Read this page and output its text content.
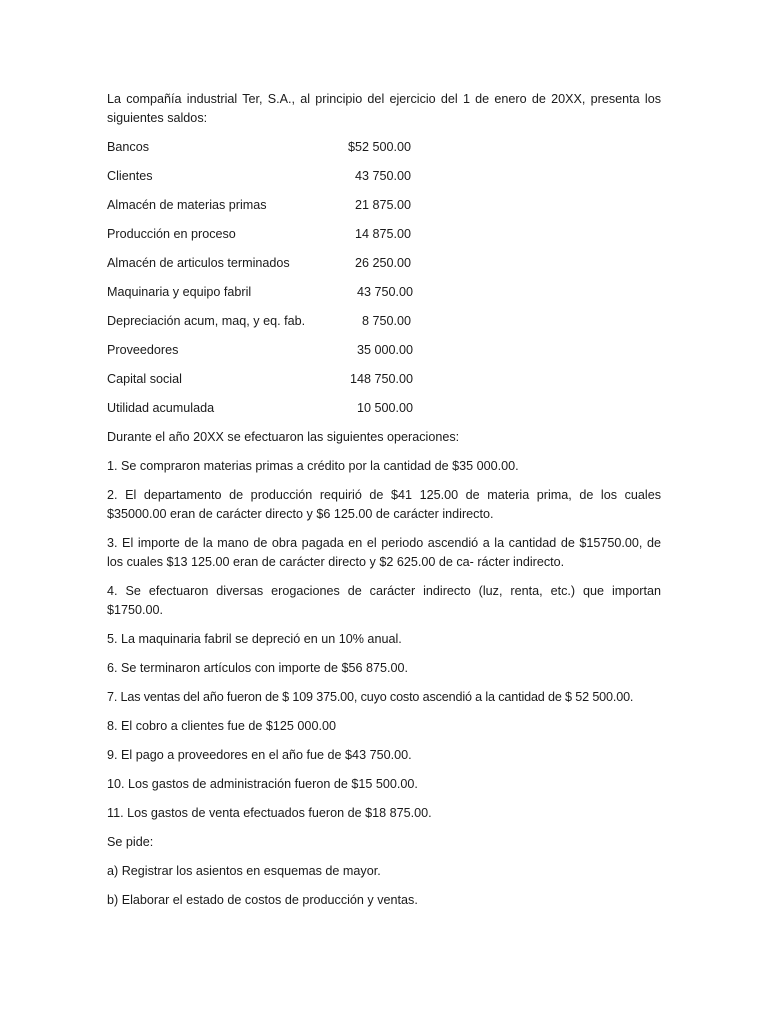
La compañía industrial Ter, S.A., al principio del ejercicio del 1 de enero de 20XX, presenta los siguientes saldos:

Bancos	$52 500.00
Clientes	43 750.00
Almacén de materias primas	21 875.00
Producción en proceso	14 875.00
Almacén de articulos terminados	26 250.00
Maquinaria y equipo fabril	43 750.00
Depreciación acum, maq, y eq. fab.	8 750.00
Proveedores	35 000.00
Capital social	148 750.00
Utilidad acumulada	10 500.00

Durante el año 20XX se efectuaron las siguientes operaciones:

1. Se compraron materias primas a crédito por la cantidad de $35 000.00.

2. El departamento de producción requirió de $41 125.00 de materia prima, de los cuales $35000.00 eran de carácter directo y $6 125.00 de carácter indirecto.

3. El importe de la mano de obra pagada en el periodo ascendió a la cantidad de $15750.00, de los cuales $13 125.00 eran de carácter directo y $2 625.00 de ca- rácter indirecto.

4. Se efectuaron diversas erogaciones de carácter indirecto (luz, renta, etc.) que importan $1750.00.

5. La maquinaria fabril se depreció en un 10% anual.

6. Se terminaron artículos con importe de $56 875.00.

7. Las ventas del año fueron de $ 109 375.00, cuyo costo ascendió a la cantidad de $ 52 500.00.

8. El cobro a clientes fue de $125 000.00

9. El pago a proveedores en el año fue de $43 750.00.

10. Los gastos de administración fueron de $15 500.00.

11. Los gastos de venta efectuados fueron de $18 875.00.

Se pide:

a) Registrar los asientos en esquemas de mayor.

b) Elaborar el estado de costos de producción y ventas.
